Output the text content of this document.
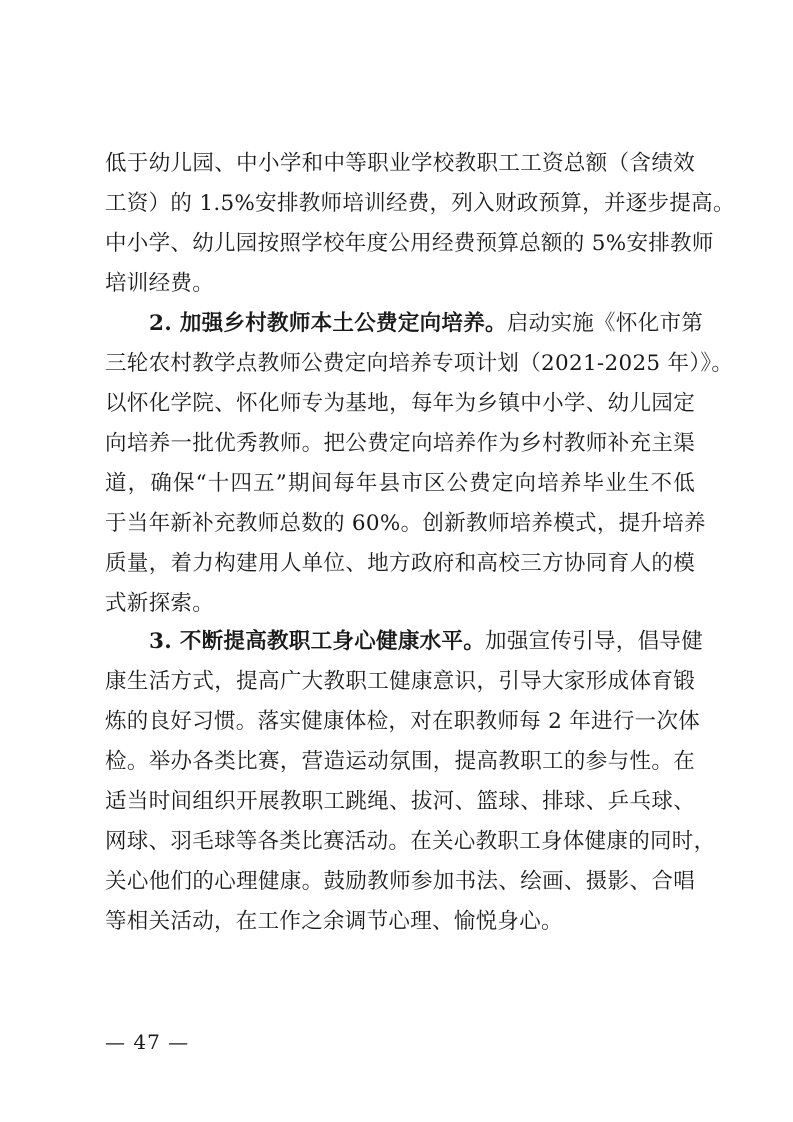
低于幼儿园、中小学和中等职业学校教职工工资总额（含绩效
工资）的 1.5%安排教师培训经费，列入财政预算，并逐步提高。
中小学、幼儿园按照学校年度公用经费预算总额的 5%安排教师
培训经费。
2. 加强乡村教师本土公费定向培养。启动实施《怀化市第
三轮农村教学点教师公费定向培养专项计划（2021-2025 年）》。
以怀化学院、怀化师专为基地，每年为乡镇中小学、幼儿园定
向培养一批优秀教师。把公费定向培养作为乡村教师补充主渠
道，确保“十四五”期间每年县市区公费定向培养毕业生不低
于当年新补充教师总数的 60%。创新教师培养模式，提升培养
质量，着力构建用人单位、地方政府和高校三方协同育人的模
式新探索。
3. 不断提高教职工身心健康水平。加强宣传引导，倡导健
康生活方式，提高广大教职工健康意识，引导大家形成体育锻
炼的良好习惯。落实健康体检，对在职教师每 2 年进行一次体
检。举办各类比赛，营造运动氛围，提高教职工的参与性。在
适当时间组织开展教职工跳绳、拔河、篮球、排球、乒乓球、
网球、羽毛球等各类比赛活动。在关心教职工身体健康的同时，
关心他们的心理健康。鼓励教师参加书法、绘画、摄影、合唱
等相关活动，在工作之余调节心理、愉悦身心。
— 47 —
